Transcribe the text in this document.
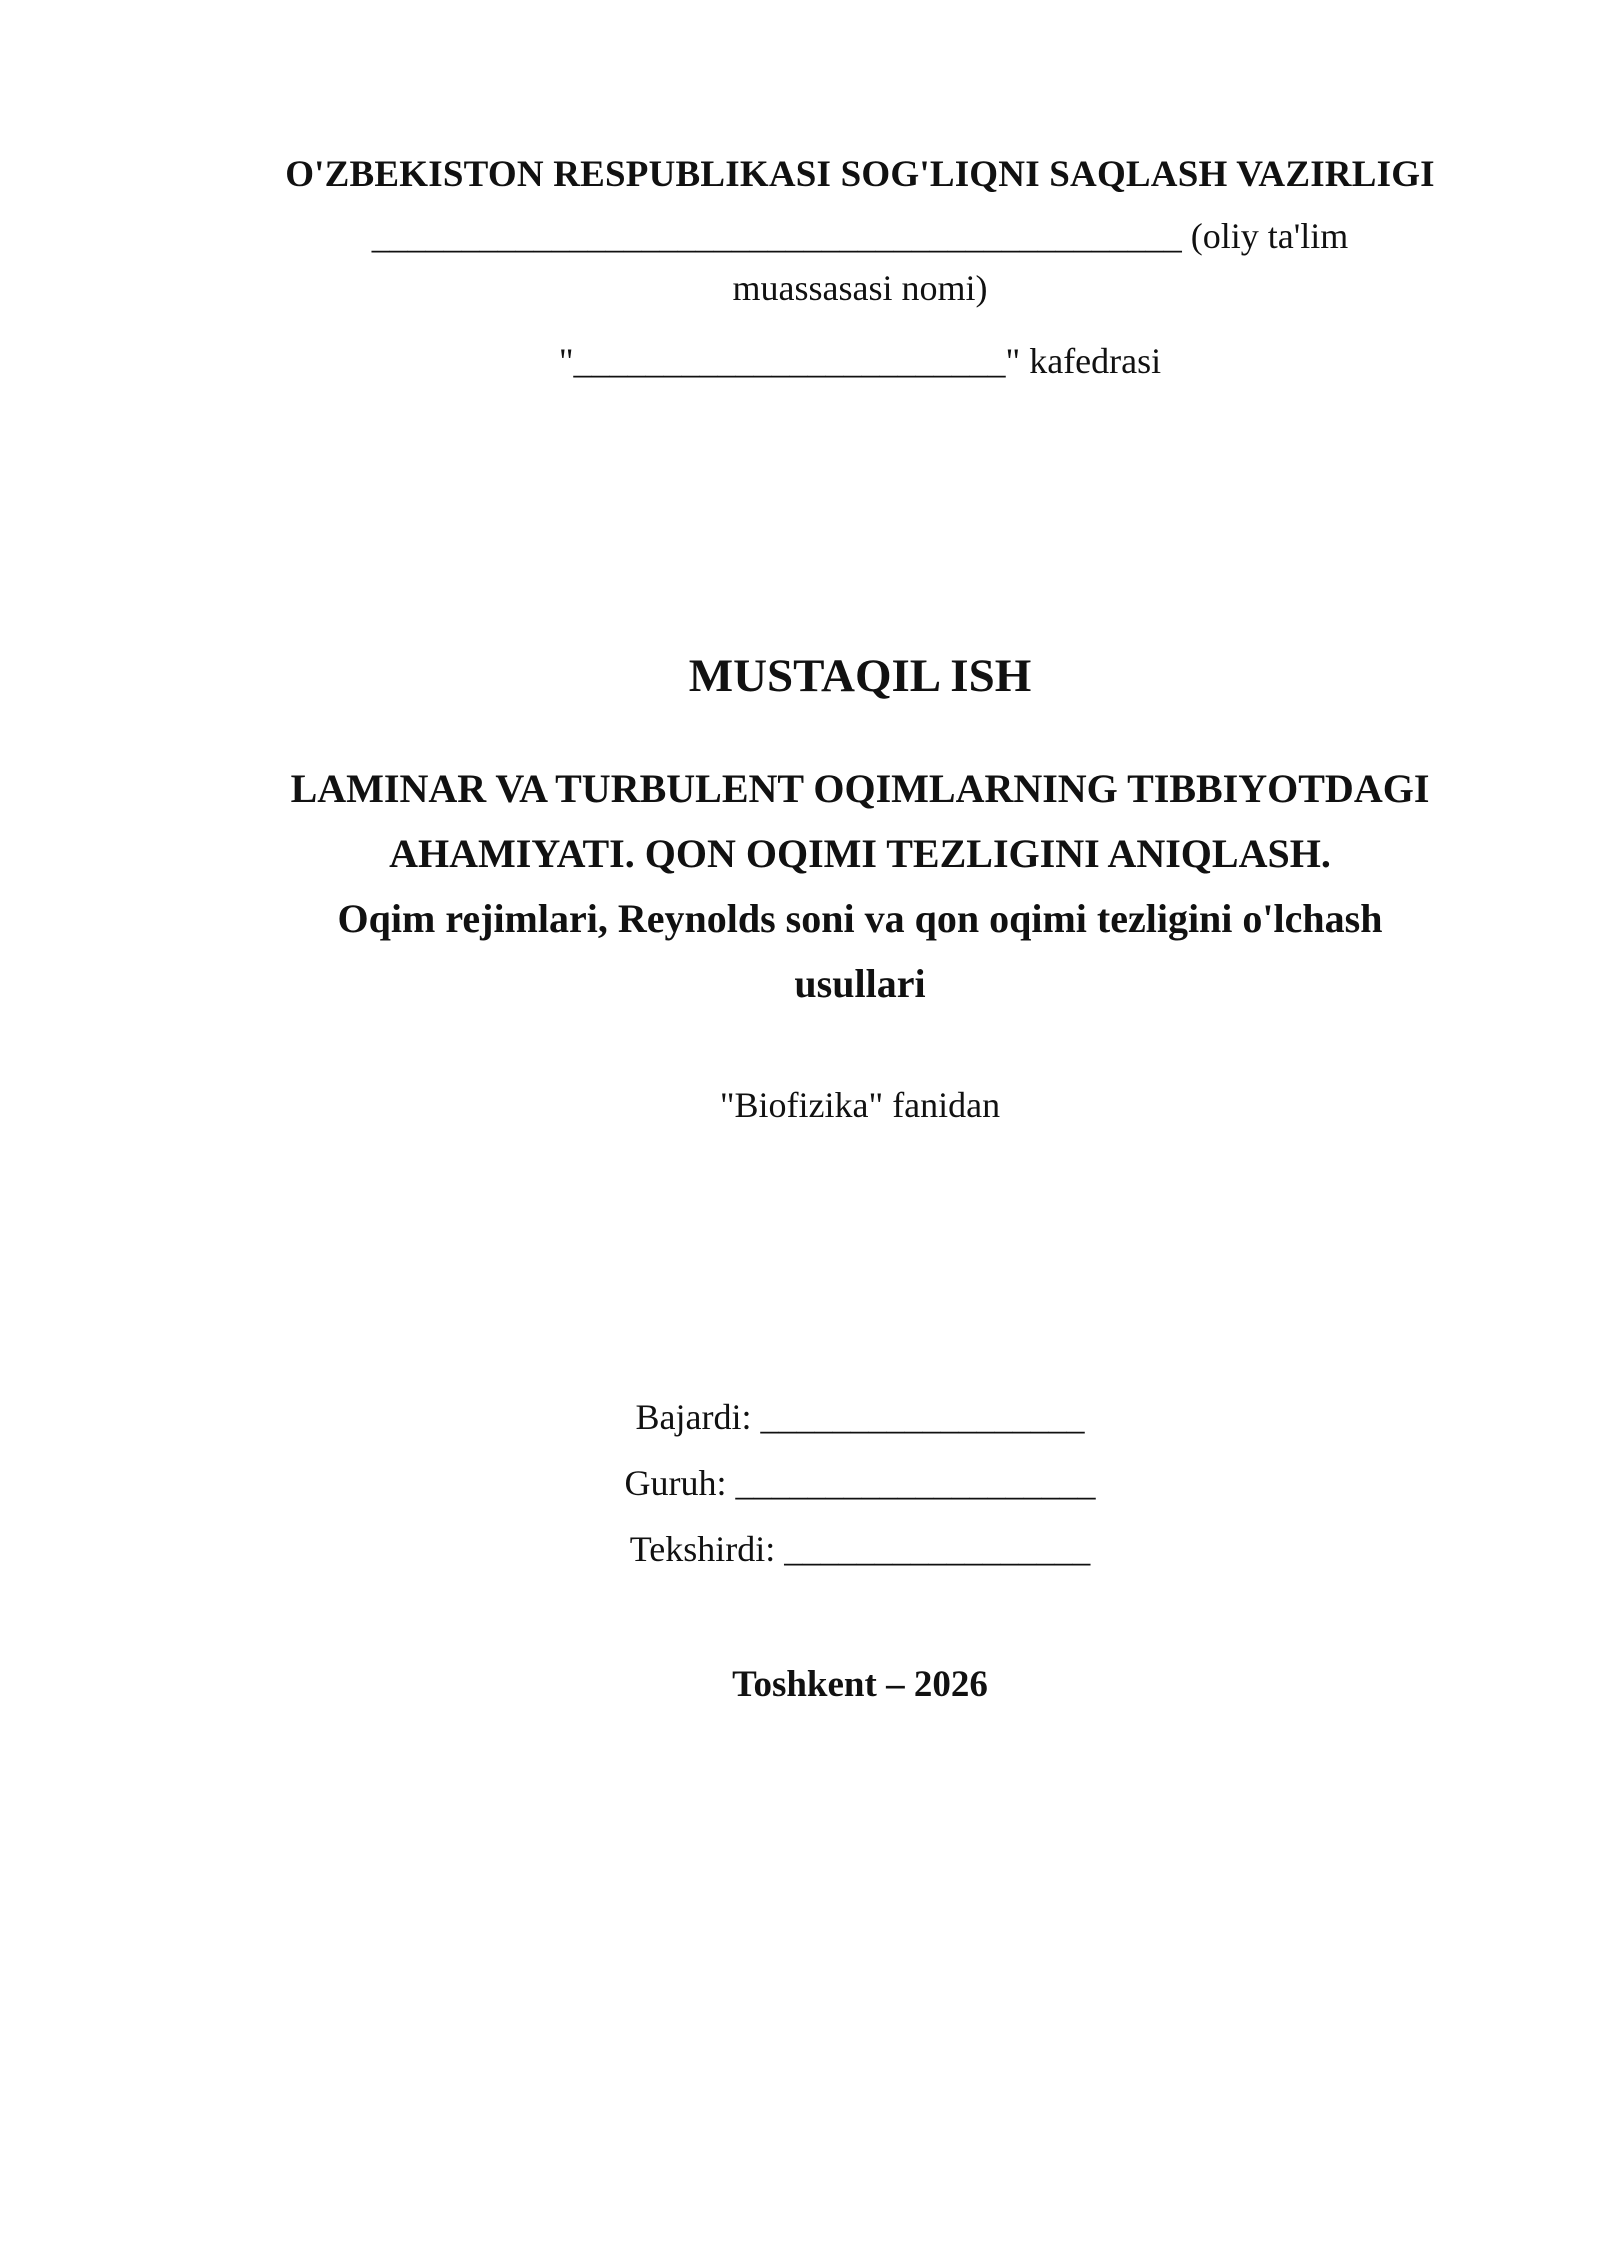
O'ZBEKISTON RESPUBLIKASI SOG'LIQNI SAQLASH VAZIRLIGI
_____________________________________________ (oliy ta'lim muassasasi nomi)
"________________________" kafedrasi
MUSTAQIL ISH
LAMINAR VA TURBULENT OQIMLARNING TIBBIYOTDAGI AHAMIYATI. QON OQIMI TEZLIGINI ANIQLASH.
Oqim rejimlari, Reynolds soni va qon oqimi tezligini o'lchash usullari
"Biofizika" fanidan
Bajardi: __________________
Guruh: ____________________
Tekshirdi: _________________
Toshkent – 2026
